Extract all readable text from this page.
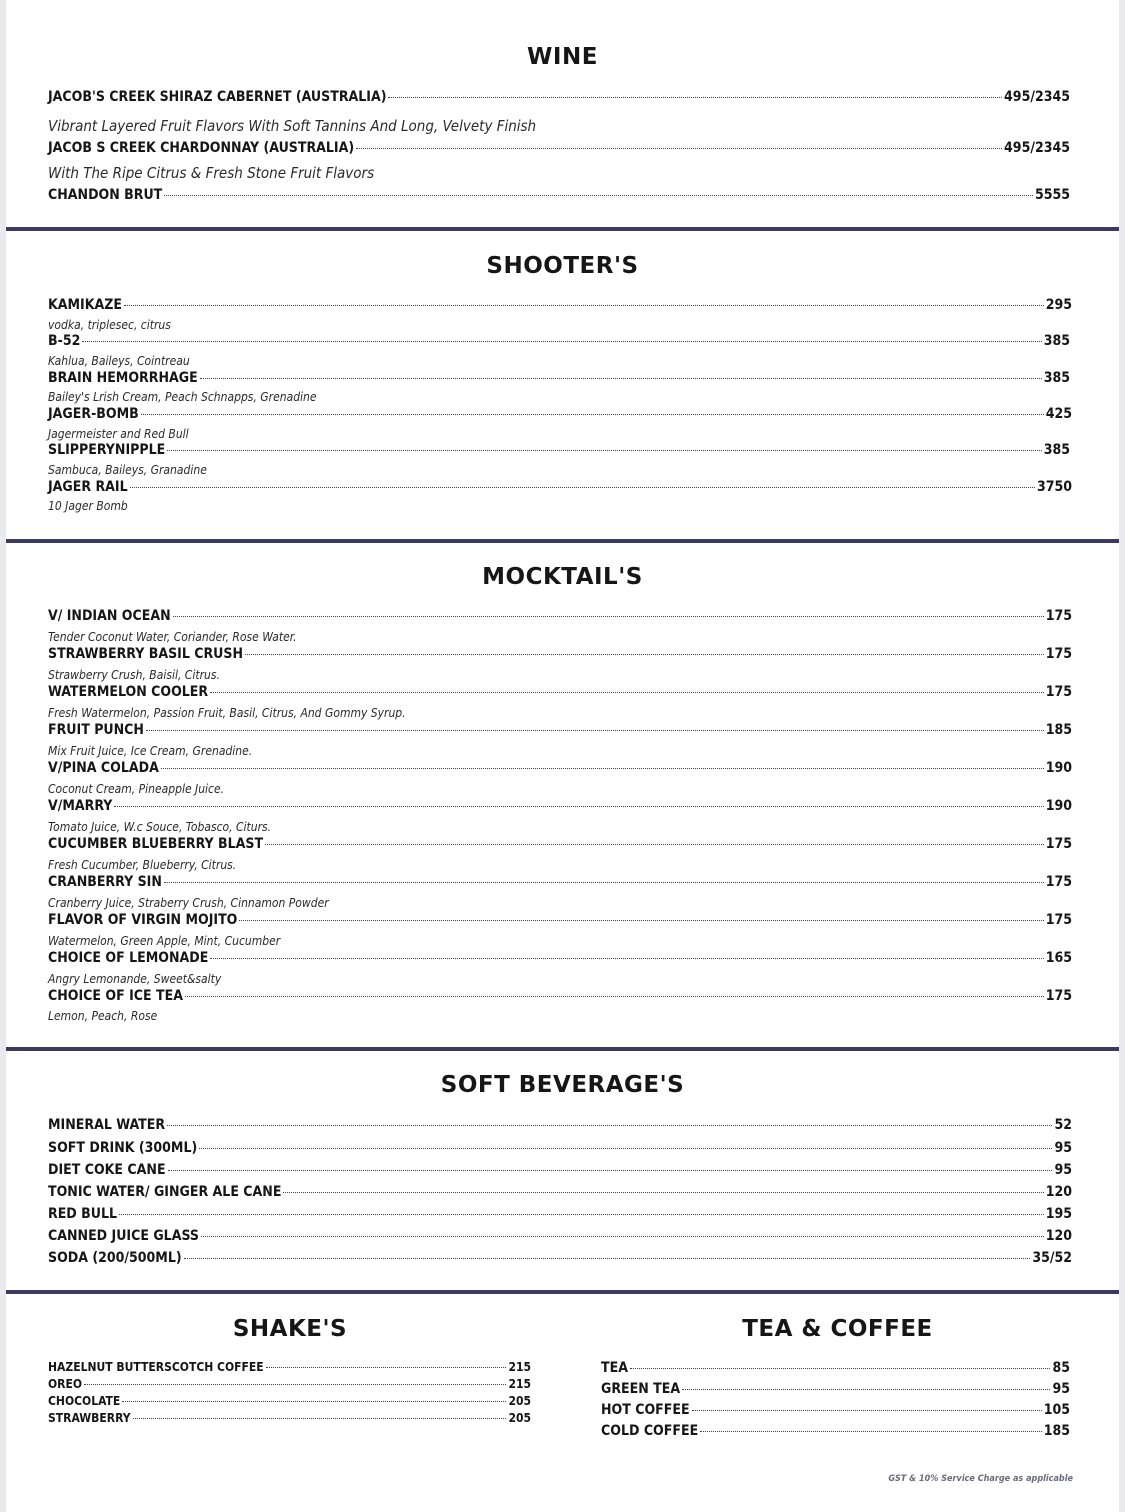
WINE
JACOB'S CREEK SHIRAZ CABERNET (AUSTRALIA)	495/2345
Vibrant Layered Fruit Flavors With Soft Tannins And Long, Velvety Finish
JACOB S CREEK CHARDONNAY (AUSTRALIA)	495/2345
With The Ripe Citrus & Fresh Stone Fruit Flavors
CHANDON BRUT	5555
SHOOTER'S
KAMIKAZE	295
vodka, triplesec, citrus
B-52	385
Kahlua, Baileys, Cointreau
BRAIN HEMORRHAGE	385
Bailey's Lrish Cream, Peach Schnapps, Grenadine
JAGER-BOMB	425
Jagermeister and Red Bull
SLIPPERYNIPPLE	385
Sambuca, Baileys, Granadine
JAGER RAIL	3750
10 Jager Bomb
MOCKTAIL'S
V/ INDIAN OCEAN	175
Tender Coconut Water, Coriander, Rose Water.
STRAWBERRY BASIL CRUSH	175
Strawberry Crush, Baisil, Citrus.
WATERMELON COOLER	175
Fresh Watermelon, Passion Fruit, Basil, Citrus, And Gommy Syrup.
FRUIT PUNCH	185
Mix Fruit Juice, Ice Cream, Grenadine.
V/PINA COLADA	190
Coconut Cream, Pineapple Juice.
V/MARRY	190
Tomato Juice, W.c Souce, Tobasco, Citurs.
CUCUMBER BLUEBERRY BLAST	175
Fresh Cucumber, Blueberry, Citrus.
CRANBERRY SIN	175
Cranberry Juice, Straberry Crush, Cinnamon Powder
FLAVOR OF VIRGIN MOJITO	175
Watermelon, Green Apple, Mint, Cucumber
CHOICE OF LEMONADE	165
Angry Lemonande, Sweet&salty
CHOICE OF ICE TEA	175
Lemon, Peach, Rose
SOFT BEVERAGE'S
MINERAL WATER	52
SOFT DRINK (300ML)	95
DIET COKE CANE	95
TONIC WATER/ GINGER ALE CANE	120
RED BULL	195
CANNED JUICE GLASS	120
SODA (200/500ML)	35/52
SHAKE'S
HAZELNUT BUTTERSCOTCH COFFEE	215
OREO	215
CHOCOLATE	205
STRAWBERRY	205
TEA & COFFEE
TEA	85
GREEN TEA	95
HOT COFFEE	105
COLD COFFEE	185
GST & 10% Service Charge as applicable
